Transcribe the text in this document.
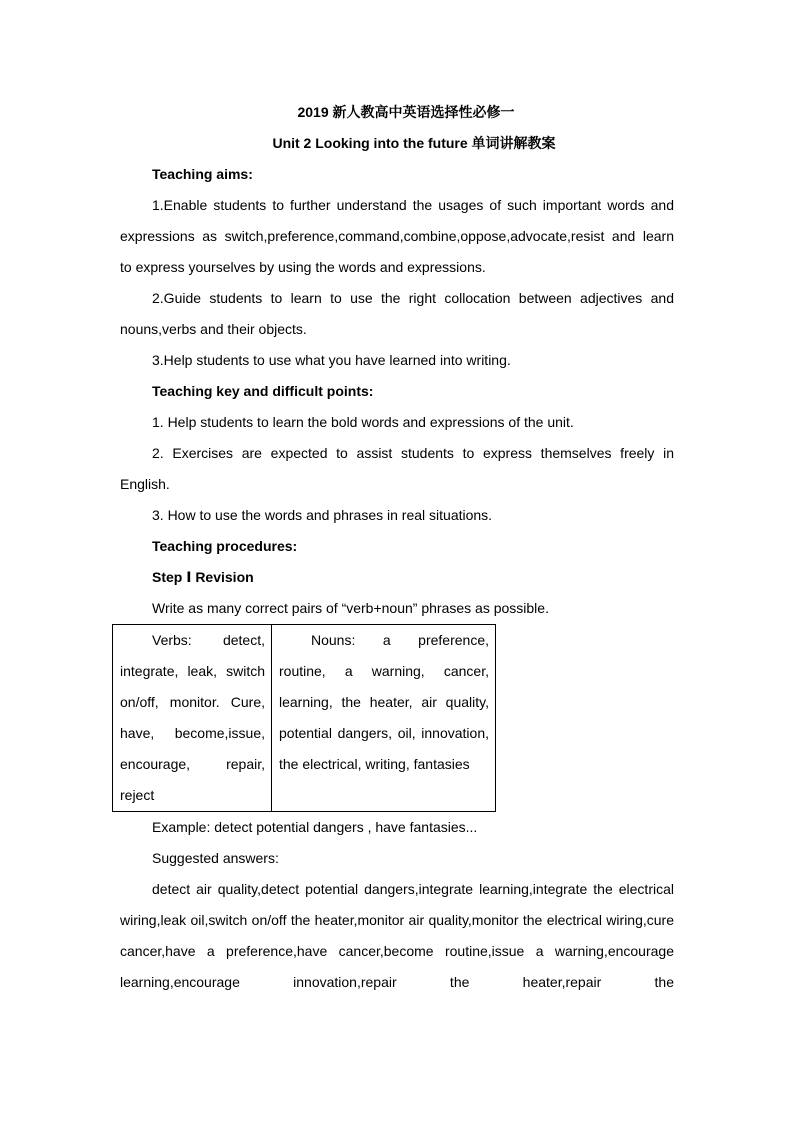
2019 新人教高中英语选择性必修一
Unit 2 Looking into the future 单词讲解教案
Teaching aims:
1.Enable students to further understand the usages of such important words and expressions as switch,preference,command,combine,oppose,advocate,resist and learn to express yourselves by using the words and expressions.
2.Guide students to learn to use the right collocation between adjectives and nouns,verbs and their objects.
3.Help students to use what you have learned into writing.
Teaching key and difficult points:
1. Help students to learn the bold words and expressions of the unit.
2. Exercises are expected to assist students to express themselves freely in English.
3. How to use the words and phrases in real situations.
Teaching procedures:
Step Ⅰ Revision
Write as many correct pairs of “verb+noun” phrases as possible.
Verbs: detect, integrate, leak, switch on/off, monitor. Cure, have, become,issue, encourage, repair, reject	Nouns: a preference, routine, a warning, cancer, learning, the heater, air quality, potential dangers, oil, innovation, the electrical, writing, fantasies
Example: detect potential dangers , have fantasies...
Suggested answers:
detect air quality,detect potential dangers,integrate learning,integrate the electrical wiring,leak oil,switch on/off the heater,monitor air quality,monitor the electrical wiring,cure cancer,have a preference,have cancer,become routine,issue a warning,encourage learning,encourage innovation,repair the heater,repair the
